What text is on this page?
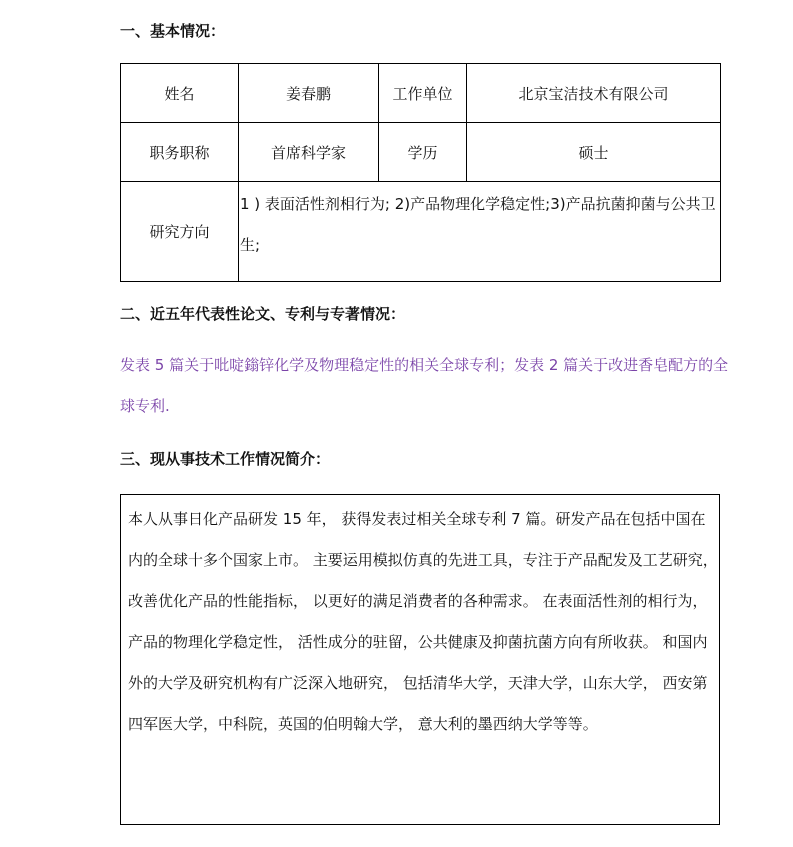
一、基本情况：
姓名	姜春鹏	工作单位	北京宝洁技术有限公司
职务职称	首席科学家	学历	硕士
研究方向	1 ) 表面活性剂相行为; 2)产品物理化学稳定性;3)产品抗菌抑菌与公共卫生;		
二、近五年代表性论文、专利与专著情况：
发表 5 篇关于吡啶鎓锌化学及物理稳定性的相关全球专利；发表 2 篇关于改进香皂配方的全球专利.
三、现从事技术工作情况简介：
本人从事日化产品研发 15 年， 获得发表过相关全球专利 7 篇。研发产品在包括中国在内的全球十多个国家上市。 主要运用模拟仿真的先进工具，专注于产品配发及工艺研究，改善优化产品的性能指标， 以更好的满足消费者的各种需求。 在表面活性剂的相行为，产品的物理化学稳定性， 活性成分的驻留，公共健康及抑菌抗菌方向有所收获。 和国内外的大学及研究机构有广泛深入地研究， 包括清华大学，天津大学，山东大学， 西安第四军医大学，中科院，英国的伯明翰大学， 意大利的墨西纳大学等等。
